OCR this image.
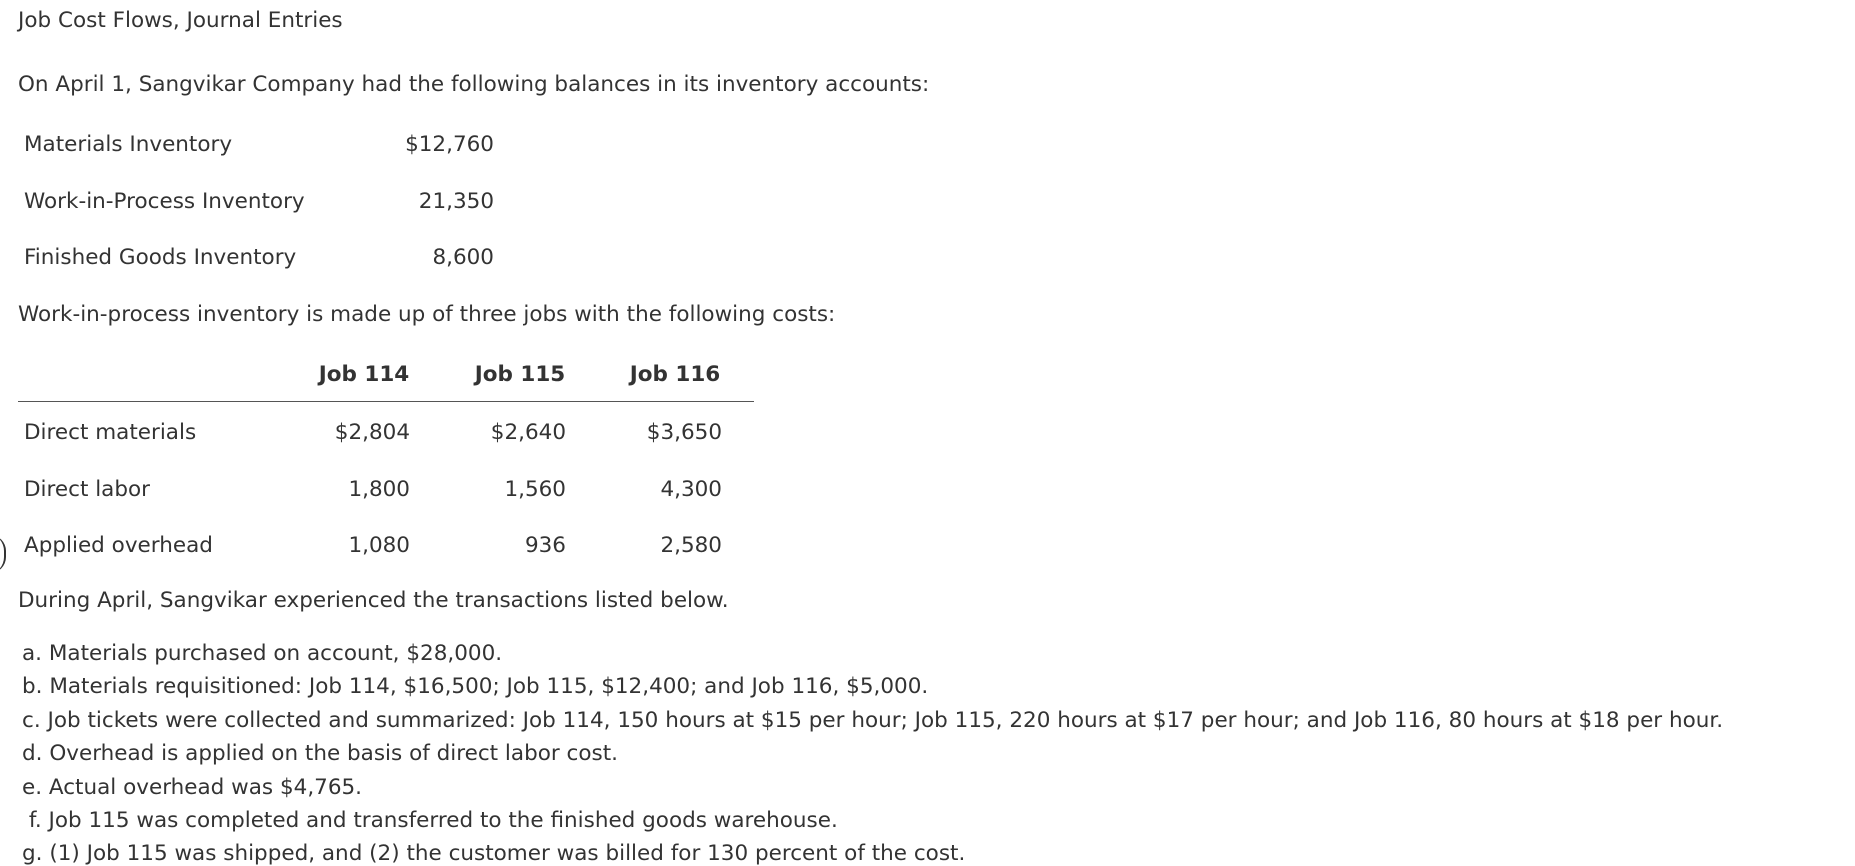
Job Cost Flows, Journal Entries
On April 1, Sangvikar Company had the following balances in its inventory accounts:
Materials Inventory	$12,760
Work-in-Process Inventory	21,350
Finished Goods Inventory	8,600
Work-in-process inventory is made up of three jobs with the following costs:
Job 114	Job 115	Job 116
Direct materials	$2,804	$2,640	$3,650
Direct labor	1,800	1,560	4,300
Applied overhead	1,080	936	2,580
During April, Sangvikar experienced the transactions listed below.
a. Materials purchased on account, $28,000.
b. Materials requisitioned: Job 114, $16,500; Job 115, $12,400; and Job 116, $5,000.
c. Job tickets were collected and summarized: Job 114, 150 hours at $15 per hour; Job 115, 220 hours at $17 per hour; and Job 116, 80 hours at $18 per hour.
d. Overhead is applied on the basis of direct labor cost.
e. Actual overhead was $4,765.
f. Job 115 was completed and transferred to the finished goods warehouse.
g. (1) Job 115 was shipped, and (2) the customer was billed for 130 percent of the cost.
